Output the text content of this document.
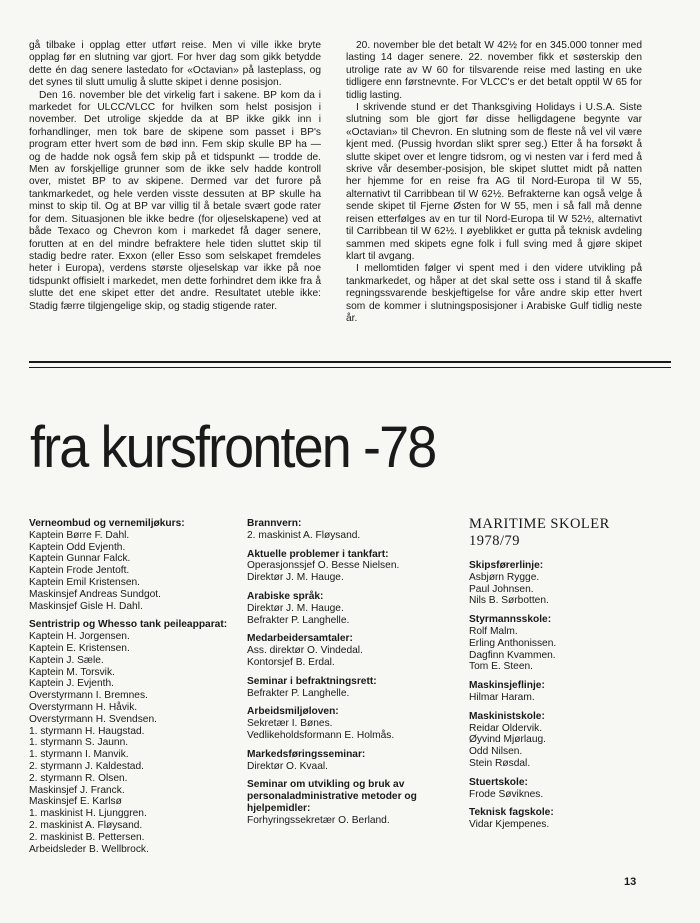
gå tilbake i opplag etter utført reise. Men vi ville ikke bryte opplag før en slutning var gjort. For hver dag som gikk betydde dette én dag senere lastedato for «Octavian» på lasteplass, og det synes til slutt umulig å slutte skipet i denne posisjon.

Den 16. november ble det virkelig fart i sakene. BP kom da i markedet for ULCC/VLCC for hvilken som helst posisjon i november. Det utrolige skjedde da at BP ikke gikk inn i forhandlinger, men tok bare de skipene som passet i BP's program etter hvert som de bød inn. Fem skip skulle BP ha — og de hadde nok også fem skip på et tidspunkt — trodde de. Men av forskjellige grunner som de ikke selv hadde kontroll over, mistet BP to av skipene. Dermed var det furore på tankmarkedet, og hele verden visste dessuten at BP skulle ha minst to skip til. Og at BP var villig til å betale svært gode rater for dem. Situasjonen ble ikke bedre (for oljeselskapene) ved at både Texaco og Chevron kom i markedet få dager senere, forutten at en del mindre befraktere hele tiden sluttet skip til stadig bedre rater. Exxon (eller Esso som selskapet fremdeles heter i Europa), verdens største oljeselskap var ikke på noe tidspunkt offisielt i markedet, men dette forhindret dem ikke fra å slutte det ene skipet etter det andre. Resultatet uteble ikke: Stadig færre tilgjengelige skip, og stadig stigende rater.

20. november ble det betalt W 42½ for en 345.000 tonner med lasting 14 dager senere. 22. november fikk et søsterskip den utrolige rate av W 60 for tilsvarende reise med lasting en uke tidligere enn førstnevnte. For VLCC's er det betalt opptil W 65 for tidlig lasting.

I skrivende stund er det Thanksgiving Holidays i U.S.A. Siste slutning som ble gjort før disse helligdagene begynte var «Octavian» til Chevron. En slutning som de fleste nå vel vil være kjent med. (Pussig hvordan slikt sprer seg.) Etter å ha forsøkt å slutte skipet over et lengre tidsrom, og vi nesten var i ferd med å skrive vår desember-posisjon, ble skipet sluttet midt på natten her hjemme for en reise fra AG til Nord-Europa til W 55, alternativt til Carribbean til W 62½. Befrakterne kan også velge å sende skipet til Fjerne Østen for W 55, men i så fall må denne reisen etterfølges av en tur til Nord-Europa til W 52½, alternativt til Carribbean til W 62½. I øyeblikket er gutta på teknisk avdeling sammen med skipets egne folk i full sving med å gjøre skipet klart til avgang.

I mellomtiden følger vi spent med i den videre utvikling på tankmarkedet, og håper at det skal sette oss i stand til å skaffe regningssvarende beskjeftigelse for våre andre skip etter hvert som de kommer i slutningsposisjoner i Arabiske Gulf tidlig neste år.

fra kursfronten -78
Verneombud og vernemiljøkurs:
Kaptein Børre F. Dahl.
Kaptein Odd Evjenth.
Kaptein Gunnar Falck.
Kaptein Frode Jentoft.
Kaptein Emil Kristensen.
Maskinsjef Andreas Sundgot.
Maskinsjef Gisle H. Dahl.
Sentristrip og Whesso tank peileapparat:
Kaptein H. Jorgensen.
Kaptein E. Kristensen.
Kaptein J. Sæle.
Kaptein M. Torsvik.
Kaptein J. Evjenth.
Overstyrmann I. Bremnes.
Overstyrmann H. Håvik.
Overstyrmann H. Svendsen.
1. styrmann H. Haugstad.
1. styrmann S. Jaunn.
1. styrmann I. Manvik.
2. styrmann J. Kaldestad.
2. styrmann R. Olsen.
Maskinsjef J. Franck.
Maskinsjef E. Karlsø
1. maskinist H. Ljunggren.
2. maskinist A. Fløysand.
2. maskinist B. Pettersen.
Arbeidsleder B. Wellbrock.
Brannvern:
2. maskinist A. Fløysand.
Aktuelle problemer i tankfart:
Operasjonssjef O. Besse Nielsen.
Direktør J. M. Hauge.
Arabiske språk:
Direktør J. M. Hauge.
Befrakter P. Langhelle.
Medarbeidersamtaler:
Ass. direktør O. Vindedal.
Kontorsjef B. Erdal.
Seminar i befraktningsrett:
Befrakter P. Langhelle.
Arbeidsmiljøloven:
Sekretær I. Bønes.
Vedlikeholdsformann E. Holmås.
Markedsføringsseminar:
Direktør O. Kvaal.
Seminar om utvikling og bruk av personaladministrative metoder og hjelpemidler:
Forhyringssekretær O. Berland.
MARITIME SKOLER
1978/79
Skipsførerlinje:
Asbjørn Rygge.
Paul Johnsen.
Nils B. Sørbotten.
Styrmannsskole:
Rolf Malm.
Erling Anthonissen.
Dagfinn Kvammen.
Tom E. Steen.
Maskinsjeflinje:
Hilmar Haram.
Maskinistskole:
Reidar Oldervik.
Øyvind Mjørlaug.
Odd Nilsen.
Stein Røsdal.
Stuertskole:
Frode Søviknes.
Teknisk fagskole:
Vidar Kjempenes.
13
